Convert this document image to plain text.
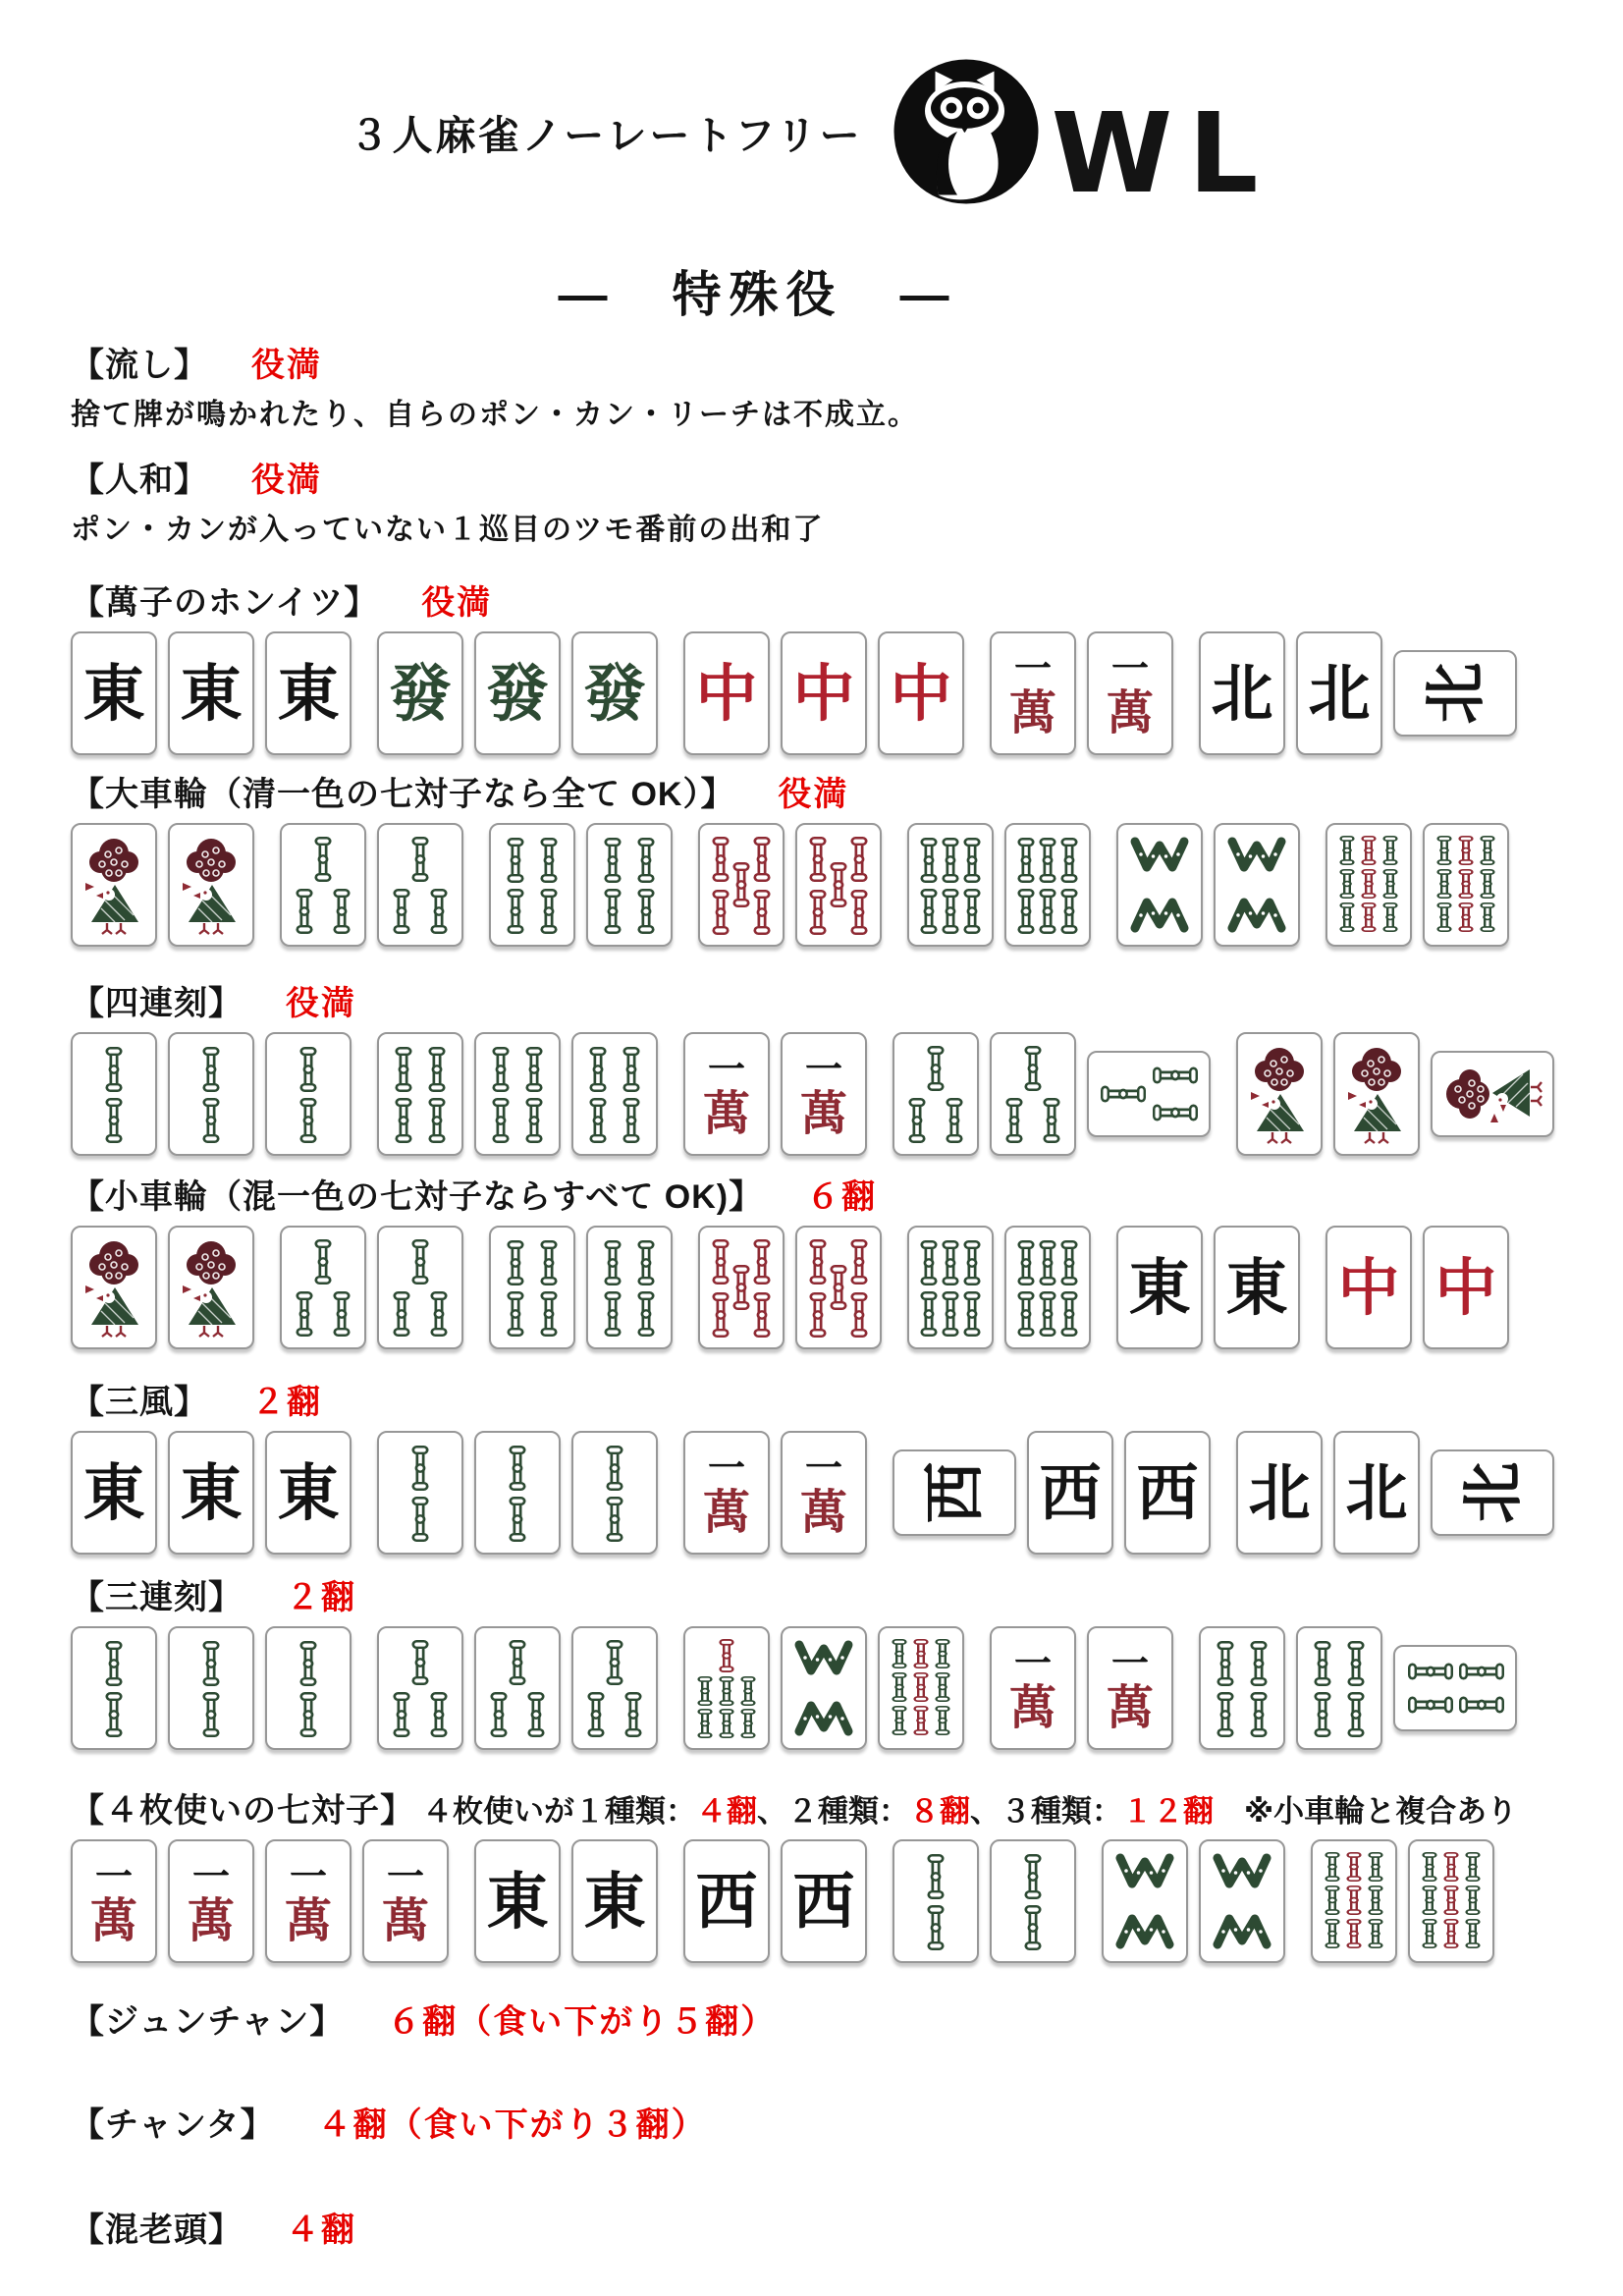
３人麻雀ノーレートフリー WL
―　特殊役　―
【流し】 役満
捨て牌が鳴かれたり、自らのポン・カン・リーチは不成立。
【人和】 役満
ポン・カンが入っていない１巡目のツモ番前の出和了
【萬子のホンイツ】 役満
東 東 東 發 發 發 中 中 中 一
萬
一
萬 北 北 北
【大車輪（清一色の七対子なら全て OK）】 役満
【四連刻】 役満
一
萬
一
萬
【小車輪（混一色の七対子ならすべて OK)】 ６翻
東 東 中 中
【三風】 ２翻
東 東 東	一
萬
一
萬 西 西 西 北 北 北
【三連刻】 ２翻
一
萬
一
萬
【４枚使いの七対子】 ４枚使いが１種類： ４翻 、２種類： ８翻 、３種類： １２翻 　※小車輪と複合あり
一
萬
一
萬
一
萬
一
萬 東 東 西 西
【ジュンチャン】 ６翻（食い下がり５翻）
【チャンタ】 ４翻（食い下がり３翻）
【混老頭】 ４翻
